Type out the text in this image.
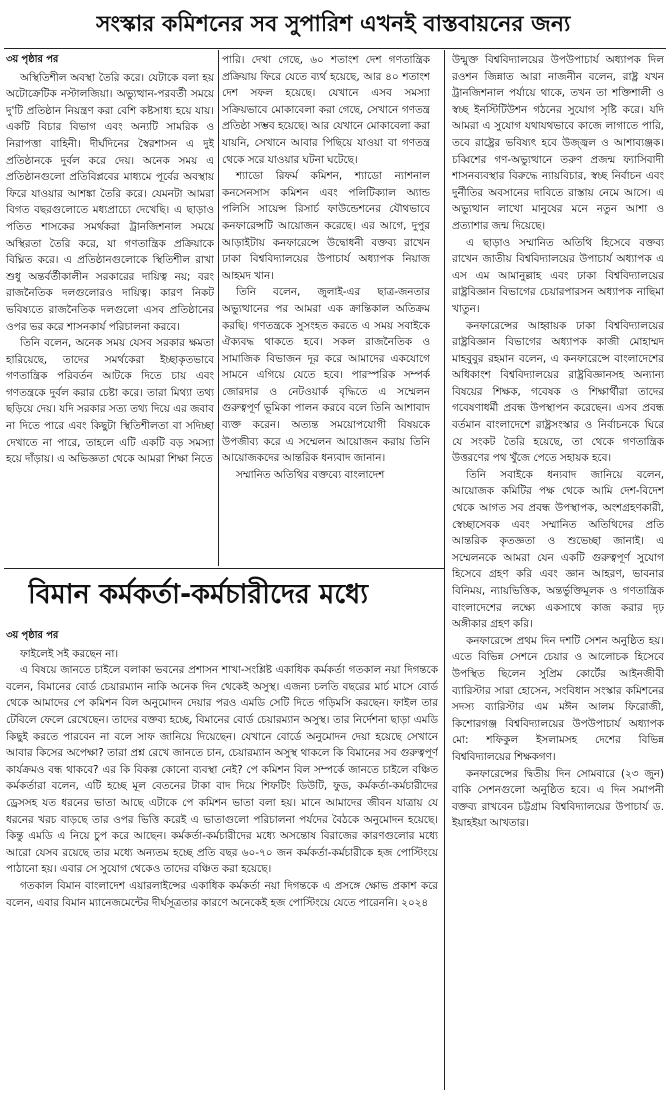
সংস্কার কমিশনের সব সুপারিশ এখনই বাস্তবায়নের জন্য
বিমান কর্মকর্তা-কর্মচারীদের মধ্যে

৩য় পৃষ্ঠার পর

অস্থিতিশীল অবস্থা তৈরি করে। যেটাকে বলা হয় অটোক্রেটিক নস্টালজিয়া। অভ্যুত্থান-পরবর্তী সময়ে দু'টি প্রতিষ্ঠান নিয়ন্ত্রণ করা বেশি কষ্টসাধ্য হয়ে যায়। একটি বিচার বিভাগ এবং অন্যটি সামরিক ও নিরাপত্তা বাহিনী। দীর্ঘদিনের স্বৈরশাসন এ দুই প্রতিষ্ঠানকে দুর্বল করে দেয়। অনেক সময় এ প্রতিষ্ঠানগুলো প্রতিবিপ্লবের মাধ্যমে পূর্বের অবস্থায় ফিরে যাওয়ার আশঙ্কা তৈরি করে। যেমনটা আমরা বিগত বছরগুলোতে মধ্যপ্রাচ্যে দেখেছি। এ ছাড়াও পতিত শাসকের সমর্থকরা ট্রানজিশনাল সময়ে অস্থিরতা তৈরি করে, যা গণতান্ত্রিক প্রক্রিয়াকে বিঘ্নিত করে। এ প্রতিষ্ঠানগুলোকে স্থিতিশীল রাখা শুধু অন্তর্বর্তীকালীন সরকারের দায়িত্ব নয়; বরং রাজনৈতিক দলগুলোরও দায়িত্ব। কারণ নিকট ভবিষ্যতে রাজনৈতিক দলগুলো এসব প্রতিষ্ঠানের ওপর ভর করে শাসনকার্য পরিচালনা করবে।

তিনি বলেন, অনেক সময় যেসব সরকার ক্ষমতা হারিয়েছে, তাদের সমর্থকেরা ইচ্ছাকৃতভাবে গণতান্ত্রিক পরিবর্তন আটকে দিতে চায় এবং গণতন্ত্রকে দুর্বল করার চেষ্টা করে। তারা মিথ্যা তথ্য ছড়িয়ে দেয়। যদি সরকার সত্য তথ্য দিয়ে এর জবাব না দিতে পারে এবং কিছুটা স্থিতিশীলতা বা সদিচ্ছা দেখাতে না পারে, তাহলে এটি একটি বড় সমস্যা হয়ে দাঁড়ায়। এ অভিজ্ঞতা থেকে আমরা শিক্ষা নিতে

পারি। দেখা গেছে, ৬০ শতাংশ দেশ গণতান্ত্রিক প্রক্রিয়ায় ফিরে যেতে ব্যর্থ হয়েছে, আর ৪০ শতাংশ দেশ সফল হয়েছে। যেখানে এসব সমস্যা সক্রিয়ভাবে মোকাবেলা করা গেছে, সেখানে গণতন্ত্র প্রতিষ্ঠা সম্ভব হয়েছে। আর যেখানে মোকাবেলা করা যায়নি, সেখানে আবার পিছিয়ে যাওয়া বা গণতন্ত্র থেকে সরে যাওয়ার ঘটনা ঘটেছে।

শ্যাডো রিফর্ম কমিশন, শ্যাডো ন্যাশনাল কনসেনসাস কমিশন এবং পলিটিক্যাল অ্যান্ড পলিসি সায়েন্স রিসার্চ ফাউন্ডেশনের যৌথভাবে কনফারেন্সটি আয়োজন করেছে। এর আগে, দুপুর আড়াইটায় কনফারেন্সে উদ্বোধনী বক্তব্য রাখেন ঢাকা বিশ্ববিদ্যালয়ের উপাচার্য অধ্যাপক নিয়াজ আহমদ খান।

তিনি বলেন, জুলাই-এর ছাত্র-জনতার অভ্যুত্থানের পর আমরা এক ক্রান্তিকাল অতিক্রম করছি। গণতন্ত্রকে সুসংহত করতে এ সময় সবাইকে ঐক্যবদ্ধ থাকতে হবে। সকল রাজনৈতিক ও সামাজিক বিভাজন দূর করে আমাদের একযোগে সামনে এগিয়ে যেতে হবে। পারস্পরিক সম্পর্ক জোরদার ও নেটওয়ার্ক বৃদ্ধিতে এ সম্মেলন গুরুত্বপূর্ণ ভূমিকা পালন করবে বলে তিনি আশাবাদ ব্যক্ত করেন। অত্যন্ত সময়োপযোগী বিষয়কে উপজীব্য করে এ সম্মেলন আয়োজন করায় তিনি আয়োজকদের আন্তরিক ধন্যবাদ জানান।

সম্মানিত অতিথির বক্তব্যে বাংলাদেশ

উন্মুক্ত বিশ্ববিদ্যালয়ের উপউপাচার্য অধ্যাপক দিল রওশন জিন্নাত আরা নাজনীন বলেন, রাষ্ট্র যখন ট্রানজিশনাল পর্যায়ে থাকে, তখন তা শক্তিশালী ও স্বচ্ছ ইনস্টিটিউশন গঠনের সুযোগ সৃষ্টি করে। যদি আমরা এ সুযোগ যথাযথভাবে কাজে লাগাতে পারি, তবে রাষ্ট্রের ভবিষ্যৎ হবে উজ্জ্বল ও আশাব্যঞ্জক। চব্বিশের গণ-অভ্যুত্থানে তরুণ প্রজন্ম ফ্যাসিবাদী শাসনব্যবস্থার বিরুদ্ধে ন্যায়বিচার, স্বচ্ছ নির্বাচন এবং দুর্নীতির অবসানের দাবিতে রাস্তায় নেমে আসে। এ অভ্যুত্থান লাখো মানুষের মনে নতুন আশা ও প্রত্যাশার জন্ম দিয়েছে।

এ ছাড়াও সম্মানিত অতিথি হিসেবে বক্তব্য রাখেন জাতীয় বিশ্ববিদ্যালয়ের উপাচার্য অধ্যাপক এ এস এম আমানুল্লাহ এবং ঢাকা বিশ্ববিদ্যালয়ের রাষ্ট্রবিজ্ঞান বিভাগের চেয়ারপারসন অধ্যাপক নাছিমা খাতুন।

কনফারেন্সের আহ্বায়ক ঢাকা বিশ্ববিদ্যালয়ের রাষ্ট্রবিজ্ঞান বিভাগের অধ্যাপক কাজী মোহাম্মদ মাহবুবুর রহমান বলেন, এ কনফারেন্সে বাংলাদেশের অধিকাংশ বিশ্ববিদ্যালয়ের রাষ্ট্রবিজ্ঞানসহ অন্যান্য বিষয়ের শিক্ষক, গবেষক ও শিক্ষার্থীরা তাদের গবেষণাধর্মী প্রবন্ধ উপস্থাপন করেছেন। এসব প্রবন্ধ বর্তমান বাংলাদেশে রাষ্ট্রসংস্কার ও নির্বাচনকে ঘিরে যে সংকট তৈরি হয়েছে, তা থেকে গণতান্ত্রিক উত্তরণের পথ খুঁজে পেতে সহায়ক হবে।

তিনি সবাইকে ধন্যবাদ জানিয়ে বলেন, আয়োজক কমিটির পক্ষ থেকে আমি দেশ-বিদেশ থেকে আগত সব প্রবন্ধ উপস্থাপক, অংশগ্রহণকারী, স্বেচ্ছাসেবক এবং সম্মানিত অতিথিদের প্রতি আন্তরিক কৃতজ্ঞতা ও শুভেচ্ছা জানাই। এ সম্মেলনকে আমরা যেন একটি গুরুত্বপূর্ণ সুযোগ হিসেবে গ্রহণ করি এবং জ্ঞান আহরণ, ভাবনার বিনিময়, ন্যায়ভিত্তিক, অন্তর্ভুক্তিমূলক ও গণতান্ত্রিক বাংলাদেশের লক্ষ্যে একসাথে কাজ করার দৃঢ় অঙ্গীকার গ্রহণ করি।

কনফারেন্সে প্রথম দিন দশটি সেশন অনুষ্ঠিত হয়। এতে বিভিন্ন সেশনে চেয়ার ও আলোচক হিসেবে উপস্থিত ছিলেন সুপ্রিম কোর্টের আইনজীবী ব্যারিস্টার সারা হোসেন, সংবিধান সংস্কার কমিশনের সদস্য ব্যারিস্টার এম মঈন আলম ফিরোজী, কিশোরগঞ্জ বিশ্ববিদ্যালয়ের উপউপাচার্য অধ্যাপক মো: শফিকুল ইসলামসহ দেশের বিভিন্ন বিশ্ববিদ্যালয়ের শিক্ষকগণ।

কনফারেন্সের দ্বিতীয় দিন সোমবারে (২৩ জুন) বাকি সেশনগুলো অনুষ্ঠিত হবে। এ দিন সমাপনী বক্তব্য রাখবেন চট্টগ্রাম বিশ্ববিদ্যালয়ের উপাচার্য ড. ইয়াহইয়া আখতার।

৩য় পৃষ্ঠার পর

ফাইলেই সই করছেন না।

এ বিষয়ে জানতে চাইলে বলাকা ভবনের প্রশাসন শাখা-সংশ্লিষ্ট একাধিক কর্মকর্তা গতকাল নয়া দিগন্তকে বলেন, বিমানের বোর্ড চেয়ারম্যান নাকি অনেক দিন থেকেই অসুস্থ। এজন্য চলতি বছরের মার্চ মাসে বোর্ড থেকে আমাদের পে কমিশন বিল অনুমোদন দেয়ার পরও এমডি সেটি দিতে গড়িমসি করছেন। ফাইল তার টেবিলে ফেলে রেখেছেন। তাদের বক্তব্য হচ্ছে, বিমানের বোর্ড চেয়ারম্যান অসুস্থ। তার নির্দেশনা ছাড়া এমডি কিছুই করতে পারবেন না বলে সাফ জানিয়ে দিয়েছেন। যেখানে বোর্ডে অনুমোদন দেয়া হয়েছে সেখানে আবার কিসের অপেক্ষা? তারা প্রশ্ন রেখে জানতে চান, চেয়ারম্যান অসুস্থ থাকলে কি বিমানের সব গুরুত্বপূর্ণ কার্যক্রমও বন্ধ থাকবে? এর কি বিকল্প কোনো ব্যবস্থা নেই? পে কমিশন বিল সম্পর্কে জানতে চাইলে বঞ্চিত কর্মকর্তারা বলেন, এটি হচ্ছে মূল বেতনের টাকা বাদ দিয়ে শিফটিং ডিউটি, ফুড, কর্মকর্তা-কর্মচারীদের ড্রেসসহ যত ধরনের ভাতা আছে এটাকে পে কমিশন ভাতা বলা হয়। মানে আমাদের জীবন যাত্রায় যে ধরনের খরচ বাড়ছে তার ওপর ভিত্তি করেই এ ভাতাগুলো পরিচালনা পর্যদের বৈঠকে অনুমোদন হয়েছে। কিন্তু এমডি এ নিয়ে চুপ করে আছেন। কর্মকর্তা-কর্মচারীদের মধ্যে অসন্তোষ বিরাজের কারণগুলোর মধ্যে আরো যেসব রয়েছে তার মধ্যে অন্যতম হচ্ছে প্রতি বছর ৬০-৭০ জন কর্মকর্তা-কর্মচারীকে হজ পোস্টিংয়ে পাঠানো হয়। এবার সে সুযোগ থেকেও তাদের বঞ্চিত করা হয়েছে।

গতকাল বিমান বাংলাদেশ এয়ারলাইন্সের একাধিক কর্মকর্তা নয়া দিগন্তকে এ প্রসঙ্গে ক্ষোভ প্রকাশ করে বলেন, এবার বিমান ম্যানেজমেন্টের দীর্ঘসূত্রতার কারণে অনেকেই হজ পোস্টিংয়ে যেতে পারেননি। ২০২৪
